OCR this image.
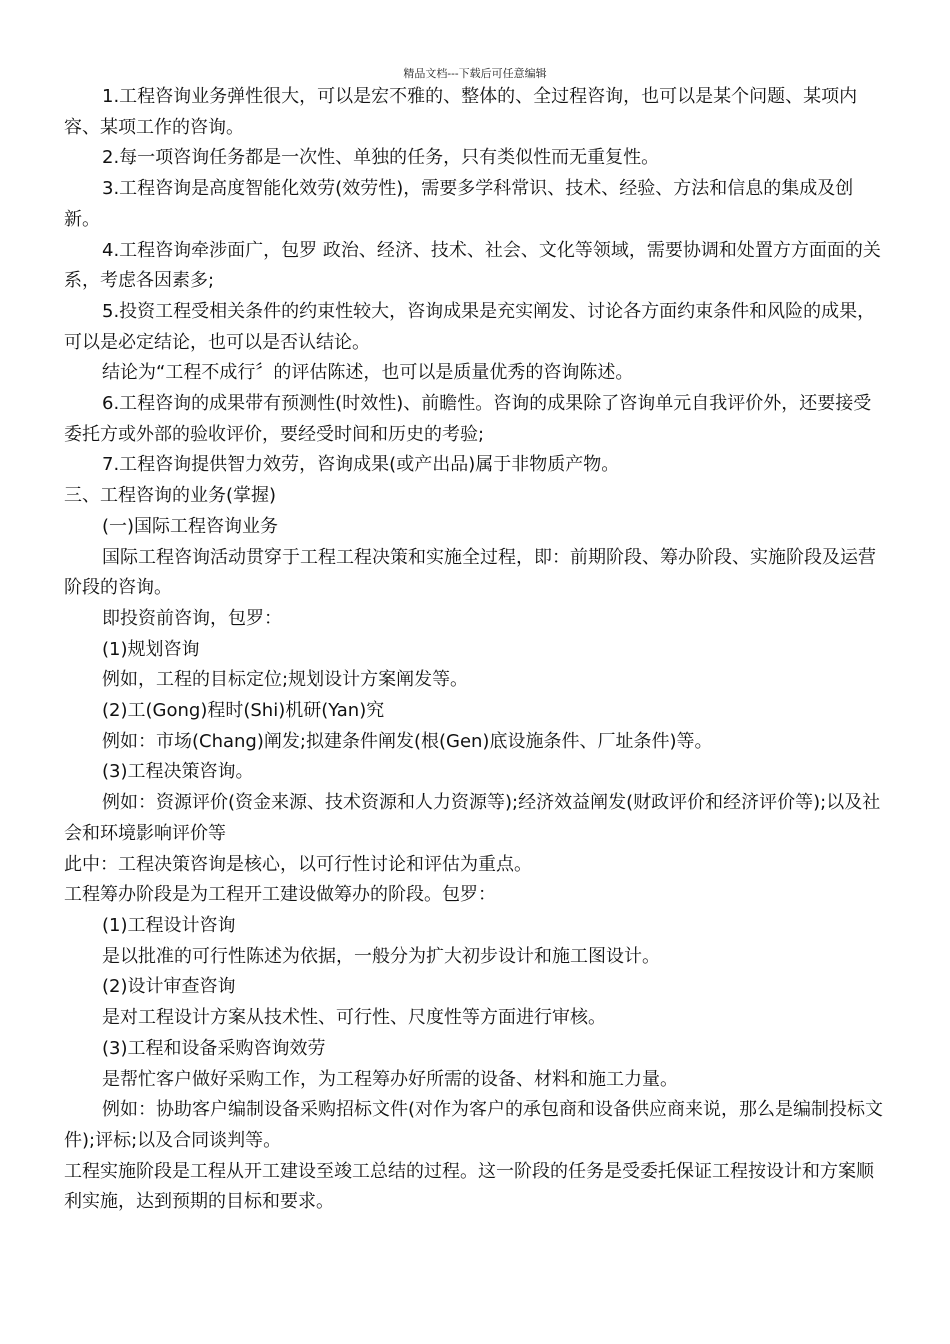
精品文档---下载后可任意编辑

1.工程咨询业务弹性很大，可以是宏不雅的、整体的、全过程咨询，也可以是某个问题、某项内容、某项工作的咨询。

2.每一项咨询任务都是一次性、单独的任务，只有类似性而无重复性。

3.工程咨询是高度智能化效劳(效劳性)，需要多学科常识、技术、经验、方法和信息的集成及创新。

4.工程咨询牵涉面广，包罗 政治、经济、技术、社会、文化等领域，需要协调和处置方方面面的关系，考虑各因素多;

5.投资工程受相关条件的约束性较大，咨询成果是充实阐发、讨论各方面约束条件和风险的成果，可以是必定结论，也可以是否认结论。

结论为“工程不成行〞的评估陈述，也可以是质量优秀的咨询陈述。

6.工程咨询的成果带有预测性(时效性)、前瞻性。咨询的成果除了咨询单元自我评价外，还要接受委托方或外部的验收评价，要经受时间和历史的考验;

7.工程咨询提供智力效劳，咨询成果(或产出品)属于非物质产物。

三、工程咨询的业务(掌握)

(一)国际工程咨询业务

国际工程咨询活动贯穿于工程工程决策和实施全过程，即：前期阶段、筹办阶段、实施阶段及运营阶段的咨询。

即投资前咨询，包罗：

(1)规划咨询

例如，工程的目标定位;规划设计方案阐发等。

(2)工(Gong)程时(Shi)机研(Yan)究

例如：市场(Chang)阐发;拟建条件阐发(根(Gen)底设施条件、厂址条件)等。

(3)工程决策咨询。

例如：资源评价(资金来源、技术资源和人力资源等);经济效益阐发(财政评价和经济评价等);以及社会和环境影响评价等

此中：工程决策咨询是核心，以可行性讨论和评估为重点。

工程筹办阶段是为工程开工建设做筹办的阶段。包罗：

(1)工程设计咨询

是以批准的可行性陈述为依据，一般分为扩大初步设计和施工图设计。

(2)设计审查咨询

是对工程设计方案从技术性、可行性、尺度性等方面进行审核。

(3)工程和设备采购咨询效劳

是帮忙客户做好采购工作，为工程筹办好所需的设备、材料和施工力量。

例如：协助客户编制设备采购招标文件(对作为客户的承包商和设备供应商来说，那么是编制投标文件);评标;以及合同谈判等。

工程实施阶段是工程从开工建设至竣工总结的过程。这一阶段的任务是受委托保证工程按设计和方案顺利实施，达到预期的目标和要求。
